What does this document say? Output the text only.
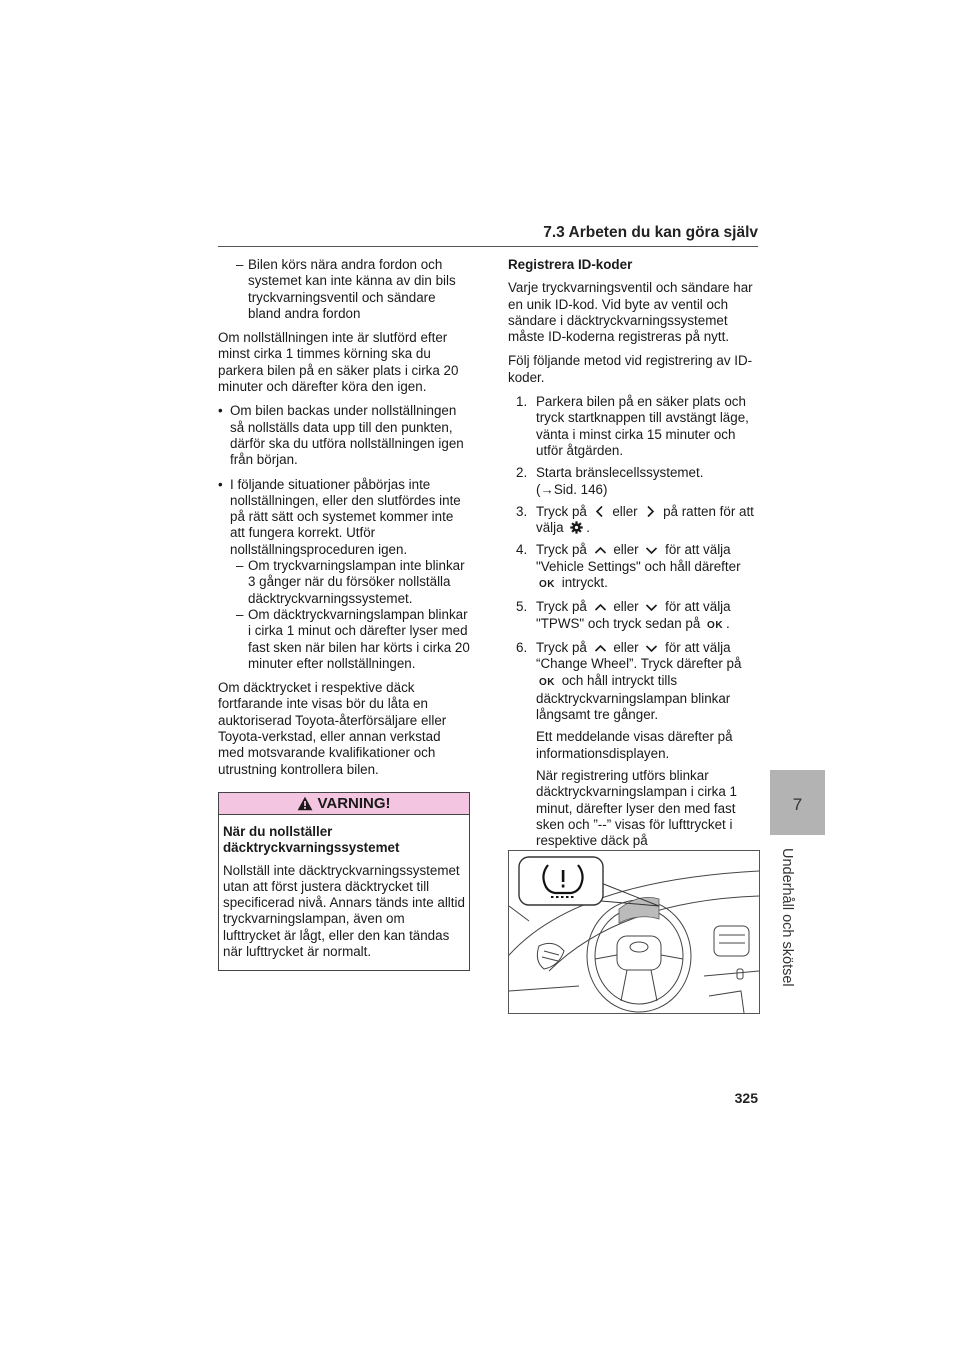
7.3 Arbeten du kan göra själv
– Bilen körs nära andra fordon och systemet kan inte känna av din bils tryckvarningsventil och sändare bland andra fordon

Om nollställningen inte är slutförd efter minst cirka 1 timmes körning ska du parkera bilen på en säker plats i cirka 20 minuter och därefter köra den igen.

• Om bilen backas under nollställningen så nollställs data upp till den punkten, därför ska du utföra nollställningen igen från början.
• I följande situationer påbörjas inte nollställningen, eller den slutfördes inte på rätt sätt och systemet kommer inte att fungera korrekt. Utför nollställningsproceduren igen.
– Om tryckvarningslampan inte blinkar 3 gånger när du försöker nollställa däcktryckvarningssystemet.
– Om däcktryckvarningslampan blinkar i cirka 1 minut och därefter lyser med fast sken när bilen har körts i cirka 20 minuter efter nollställningen.

Om däcktrycket i respektive däck fortfarande inte visas bör du låta en auktoriserad Toyota-återförsäljare eller Toyota-verkstad, eller annan verkstad med motsvarande kvalifikationer och utrustning kontrollera bilen.

VARNING!

När du nollställer däcktryckvarningssystemet

Nollställ inte däcktryckvarningssystemet utan att först justera däcktrycket till specificerad nivå. Annars tänds inte alltid tryckvarningslampan, även om lufttrycket är lågt, eller den kan tändas när lufttrycket är normalt.

Registrera ID-koder

Varje tryckvarningsventil och sändare har en unik ID-kod. Vid byte av ventil och sändare i däcktryckvarningssystemet måste ID-koderna registreras på nytt.

Följ följande metod vid registrering av ID-koder.

1. Parkera bilen på en säker plats och tryck startknappen till avstängt läge, vänta i minst cirka 15 minuter och utför åtgärden.
2. Starta bränslecellssystemet.
(→Sid. 146)
3. Tryck på eller på ratten för att välja .
4. Tryck på eller för att välja "Vehicle Settings" och håll därefter
OK intryckt.
5. Tryck på eller för att välja "TPWS" och tryck sedan på OK .
6. Tryck på eller för att välja “Change Wheel”. Tryck därefter på
OK och håll intryckt tills däcktryckvarningslampan blinkar långsamt tre gånger.

Ett meddelande visas därefter på informationsdisplayen.

När registrering utförs blinkar däcktryckvarningslampan i cirka 1 minut, därefter lyser den med fast sken och ”--” visas för lufttrycket i respektive däck på

7
Underhåll och skötsel
325
